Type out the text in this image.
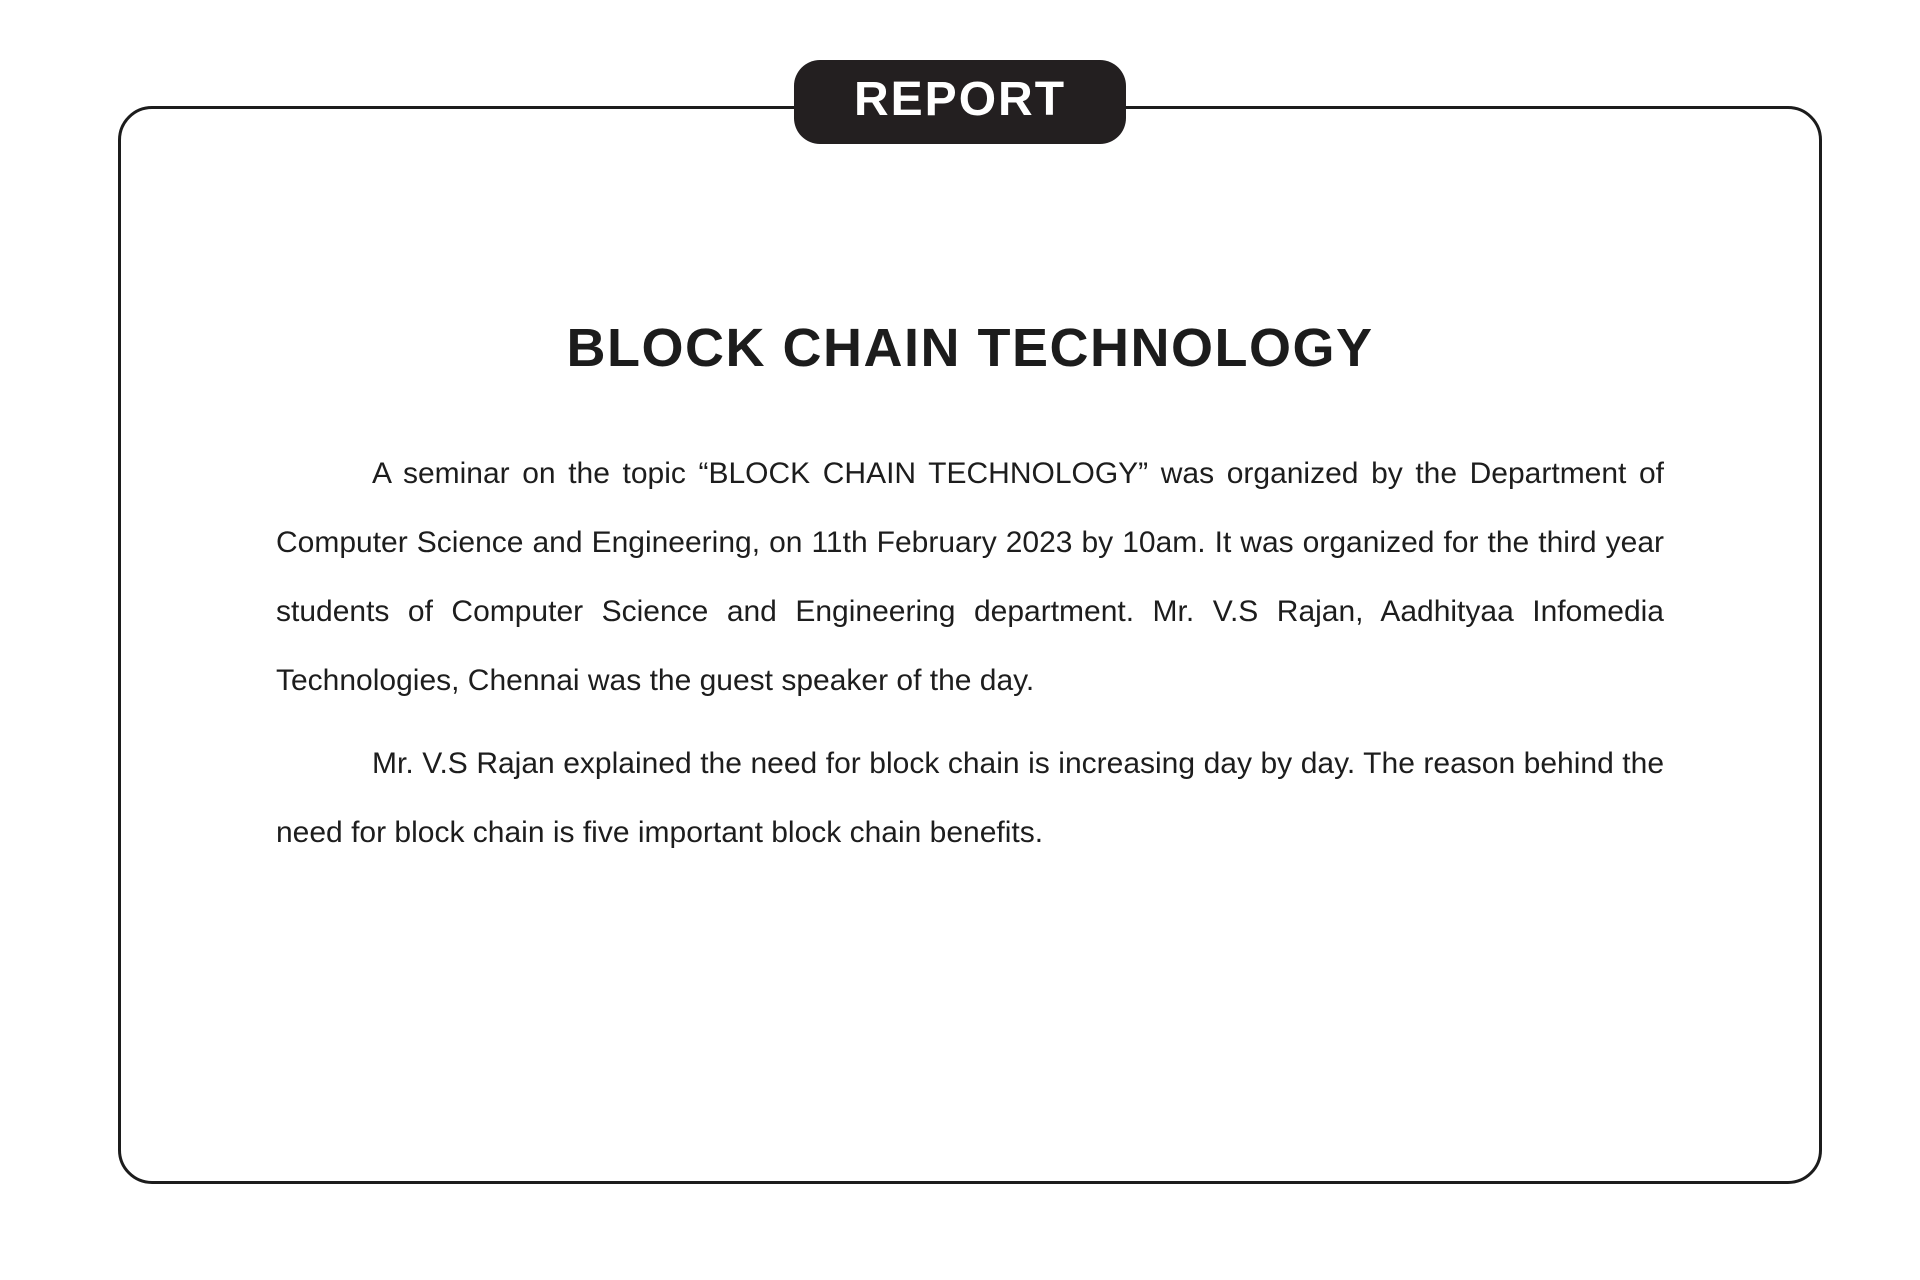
BLOCK CHAIN TECHNOLOGY

A seminar on the topic “BLOCK CHAIN TECHNOLOGY” was organized by the Department of Computer Science and Engineering, on 11th February 2023 by 10am. It was organized for the third year students of Computer Science and Engineering department. Mr. V.S Rajan, Aadhityaa Infomedia Technologies, Chennai was the guest speaker of the day.

Mr. V.S Rajan explained the need for block chain is increasing day by day. The reason behind the need for block chain is five important block chain benefits.

REPORT
